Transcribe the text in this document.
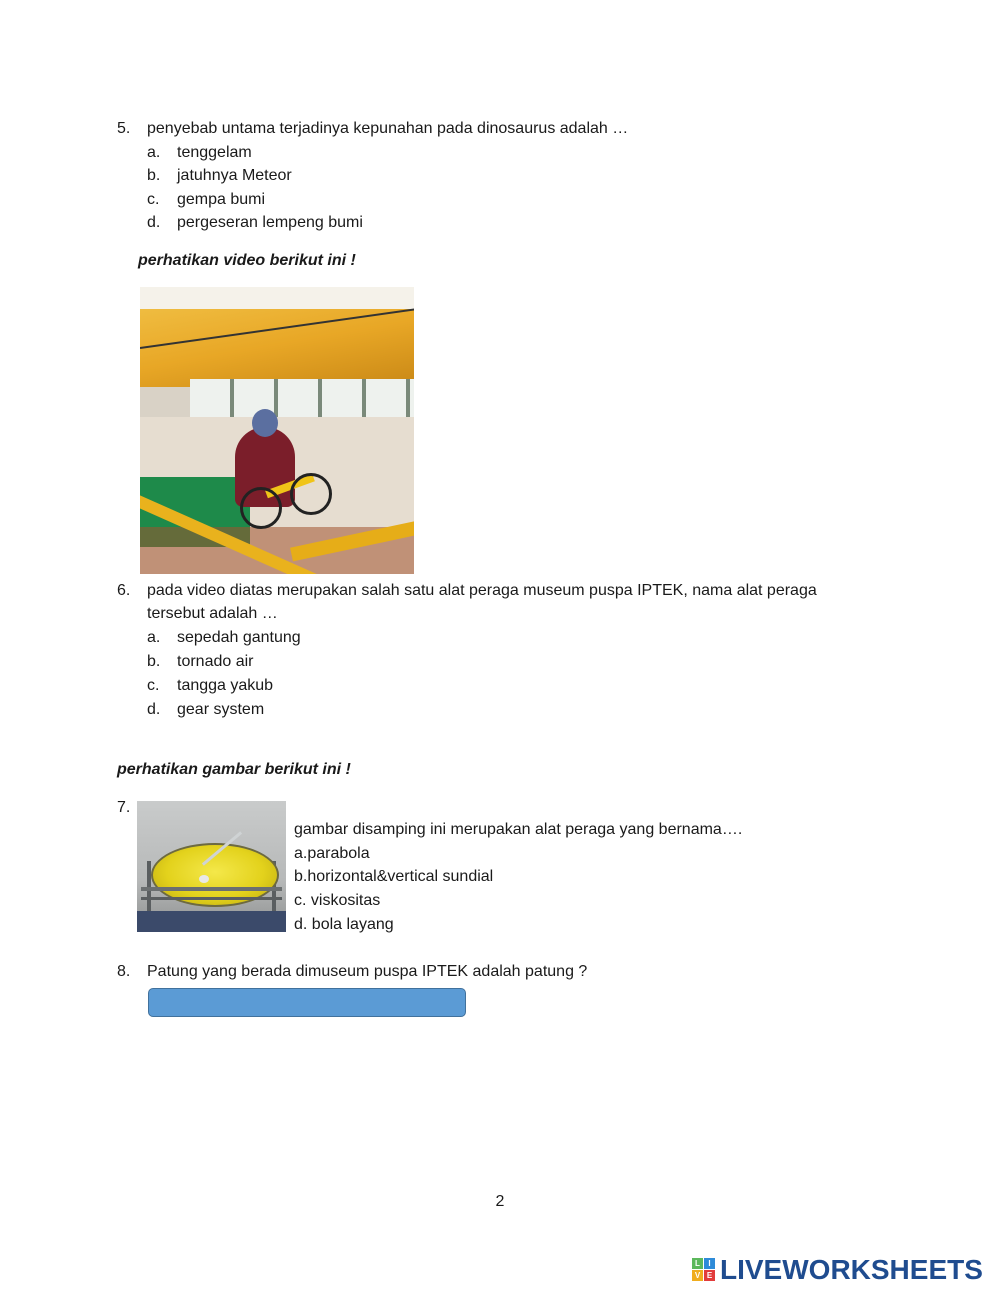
5. penyebab untama terjadinya kepunahan pada dinosaurus adalah …
a. tenggelam
b. jatuhnya Meteor
c. gempa bumi
d. pergeseran lempeng bumi
perhatikan video berikut ini !
6. pada video diatas merupakan salah satu alat peraga museum puspa IPTEK, nama alat peraga
tersebut adalah …
a. sepedah gantung
b. tornado air
c. tangga yakub
d. gear system
perhatikan gambar berikut ini !
7.
gambar disamping ini merupakan alat peraga yang bernama….
a.parabola
b.horizontal&vertical sundial
c. viskositas
d. bola layang
8. Patung yang berada dimuseum puspa IPTEK adalah patung ?
2
L	I
V E LIVEWORKSHEETS
